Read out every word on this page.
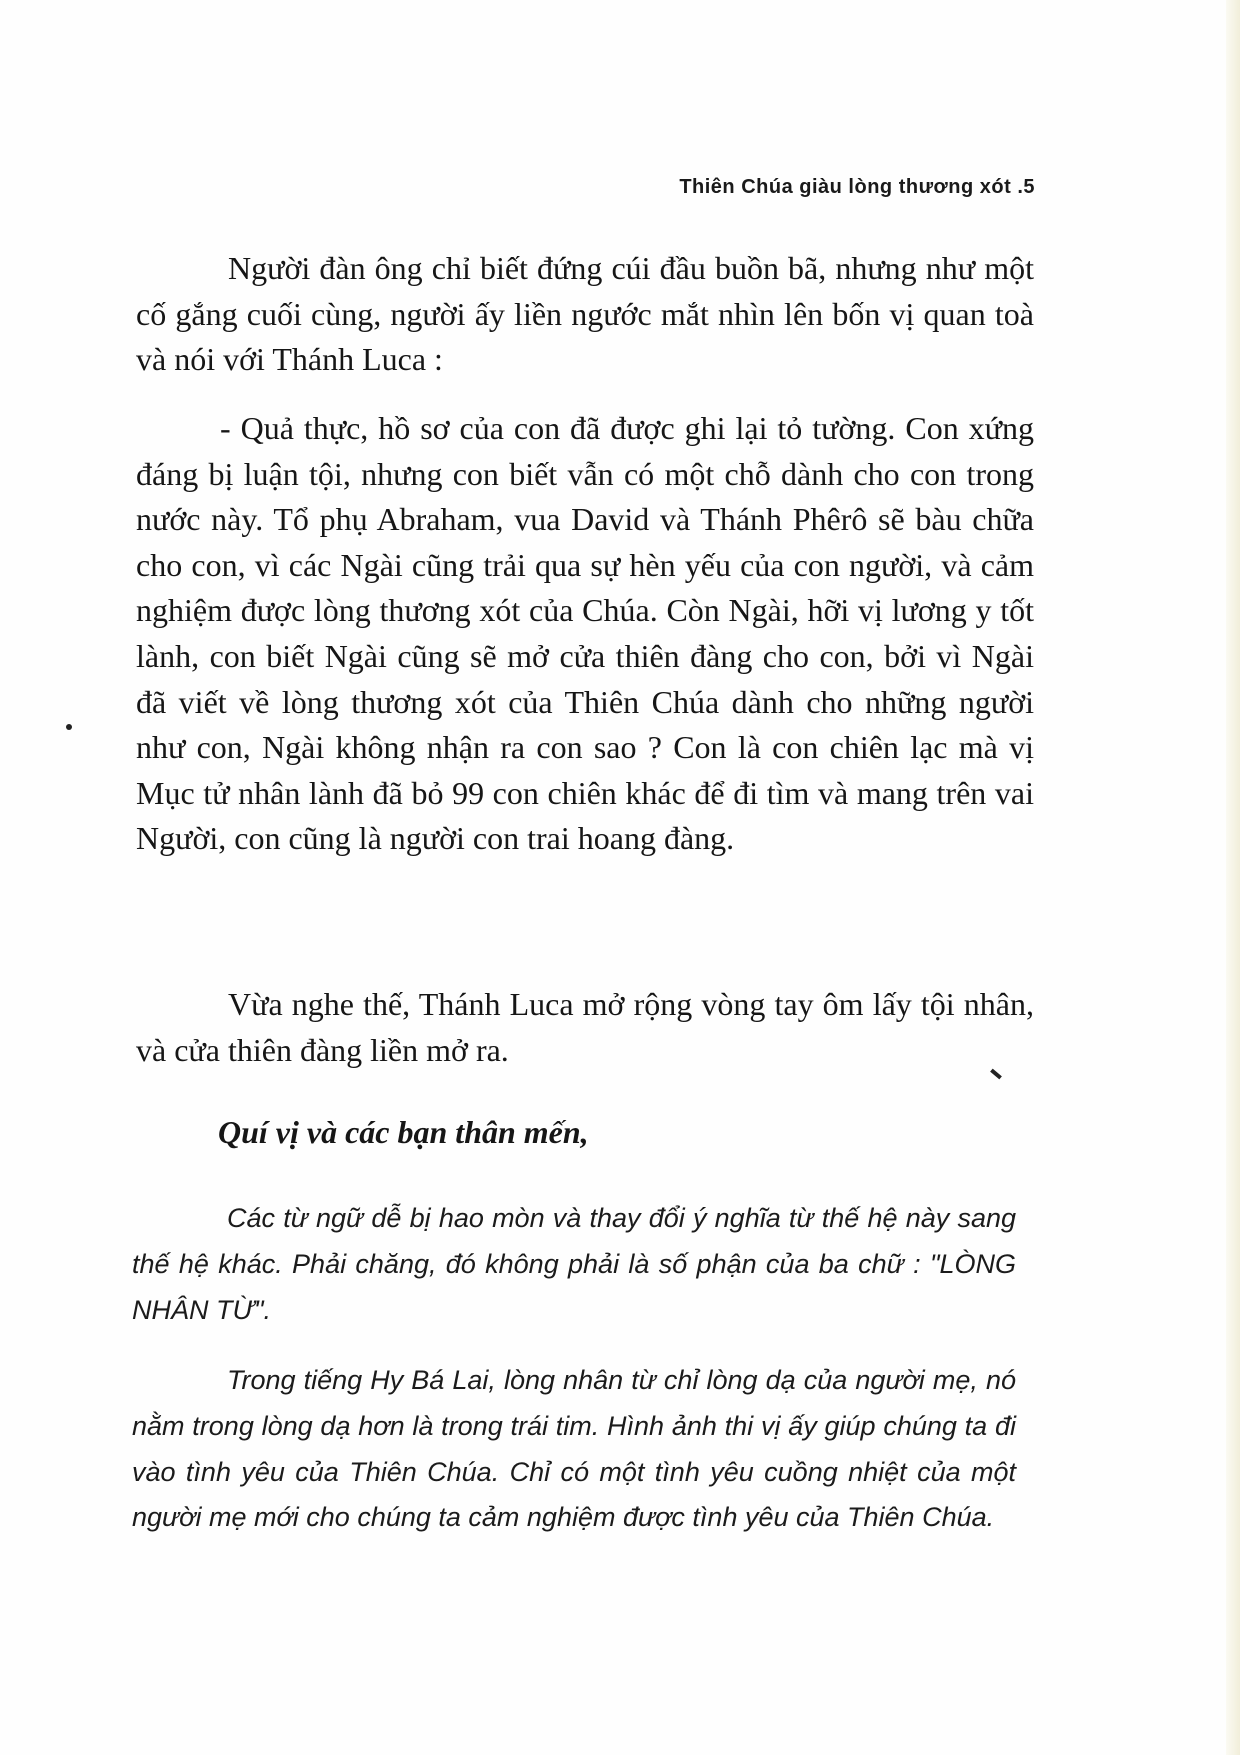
Thiên Chúa giàu lòng thương xót .5

Người đàn ông chỉ biết đứng cúi đầu buồn bã, nhưng như một cố gắng cuối cùng, người ấy liền ngước mắt nhìn lên bốn vị quan toà và nói với Thánh Luca :

- Quả thực, hồ sơ của con đã được ghi lại tỏ tường. Con xứng đáng bị luận tội, nhưng con biết vẫn có một chỗ dành cho con trong nước này. Tổ phụ Abraham, vua David và Thánh Phêrô sẽ bàu chữa cho con, vì các Ngài cũng trải qua sự hèn yếu của con người, và cảm nghiệm được lòng thương xót của Chúa. Còn Ngài, hỡi vị lương y tốt lành, con biết Ngài cũng sẽ mở cửa thiên đàng cho con, bởi vì Ngài đã viết về lòng thương xót của Thiên Chúa dành cho những người như con, Ngài không nhận ra con sao ? Con là con chiên lạc mà vị Mục tử nhân lành đã bỏ 99 con chiên khác để đi tìm và mang trên vai Người, con cũng là người con trai hoang đàng.

Vừa nghe thế, Thánh Luca mở rộng vòng tay ôm lấy tội nhân, và cửa thiên đàng liền mở ra.

Quí vị và các bạn thân mến,

Các từ ngữ dễ bị hao mòn và thay đổi ý nghĩa từ thế hệ này sang thế hệ khác. Phải chăng, đó không phải là số phận của ba chữ : "LÒNG NHÂN TỪ".

Trong tiếng Hy Bá Lai, lòng nhân từ chỉ lòng dạ của người mẹ, nó nằm trong lòng dạ hơn là trong trái tim. Hình ảnh thi vị ấy giúp chúng ta đi vào tình yêu của Thiên Chúa. Chỉ có một tình yêu cuồng nhiệt của một người mẹ mới cho chúng ta cảm nghiệm được tình yêu của Thiên Chúa.
